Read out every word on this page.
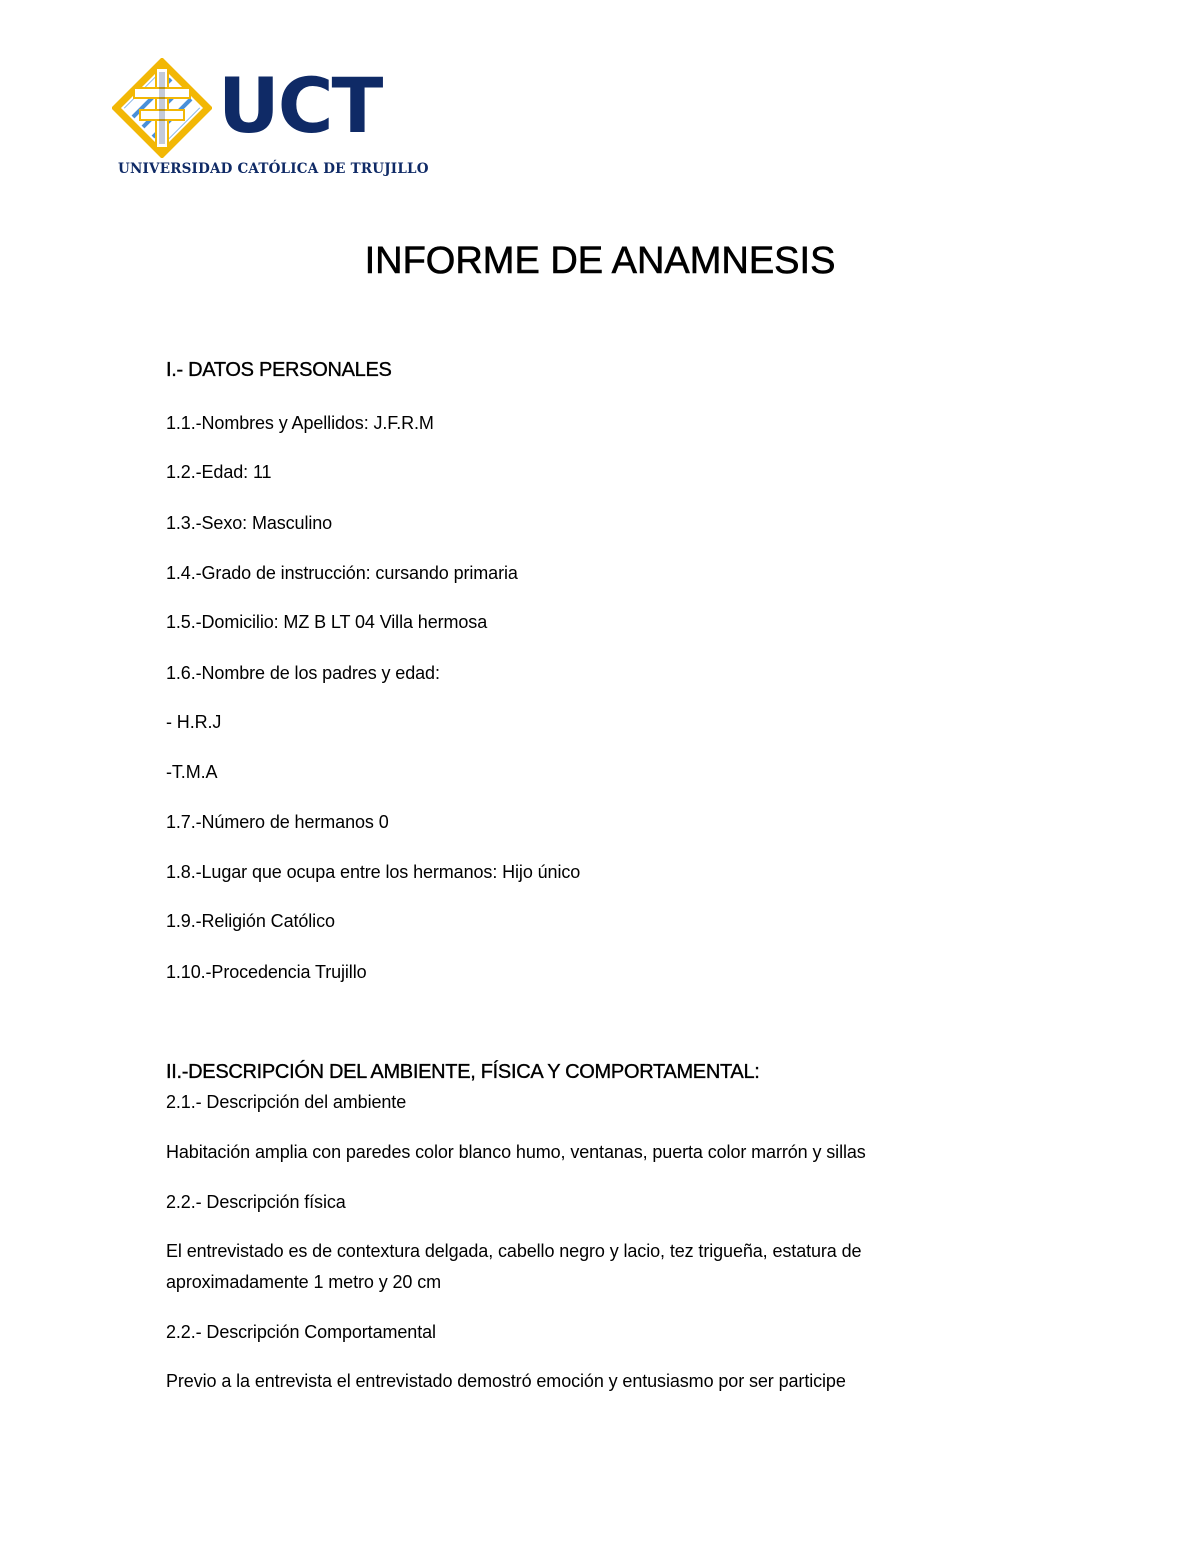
UCT
UNIVERSIDAD CATÓLICA DE TRUJILLO
INFORME DE ANAMNESIS
I.- DATOS PERSONALES
1.1.-Nombres y Apellidos: J.F.R.M
1.2.-Edad: 11
1.3.-Sexo: Masculino
1.4.-Grado de instrucción: cursando primaria
1.5.-Domicilio: MZ B LT 04 Villa hermosa
1.6.-Nombre de los padres y edad:
- H.R.J
-T.M.A
1.7.-Número de hermanos 0
1.8.-Lugar que ocupa entre los hermanos: Hijo único
1.9.-Religión Católico
1.10.-Procedencia Trujillo
II.-DESCRIPCIÓN DEL AMBIENTE, FÍSICA Y COMPORTAMENTAL:
2.1.- Descripción del ambiente
Habitación amplia con paredes color blanco humo, ventanas, puerta color marrón y sillas
2.2.- Descripción física
El entrevistado es de contextura delgada, cabello negro y lacio, tez trigueña, estatura de aproximadamente 1 metro y 20 cm
2.2.- Descripción Comportamental
Previo a la entrevista el entrevistado demostró emoción y entusiasmo por ser participe
